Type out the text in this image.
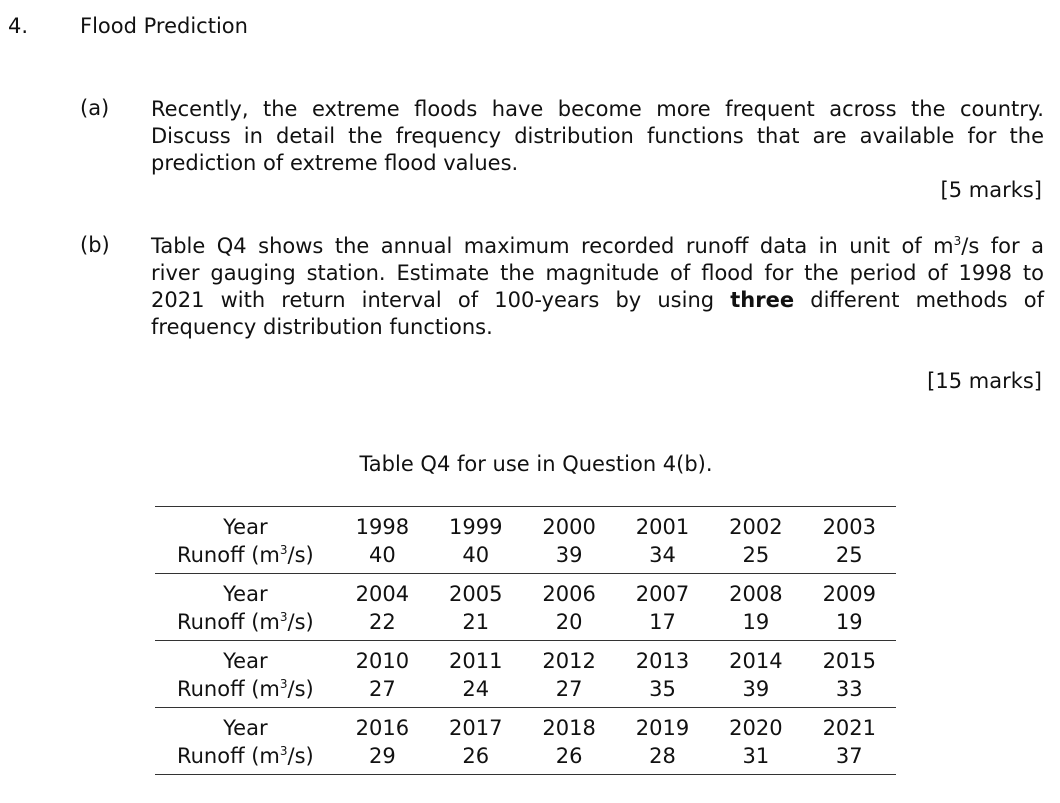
4. Flood Prediction
(a) Recently, the extreme floods have become more frequent across the country.
Discuss in detail the frequency distribution functions that are available for the
prediction of extreme flood values.
[5 marks]
(b) Table Q4 shows the annual maximum recorded runoff data in unit of $m^3/s$ for a
river gauging station. Estimate the magnitude of flood for the period of 1998 to
2021 with return interval of 100-years by using three different methods of
frequency distribution functions.
[15 marks]
Table Q4 for use in Question 4(b).
Year	1998	1999	2000	2001	2002	2003
Runoff $(m^3/s)$	40	40	39	34	25	25
Year	2004	2005	2006	2007	2008	2009
Runoff $(m^3/s)$	22	21	20	17	19	19
Year	2010	2011	2012	2013	2014	2015
Runoff $(m^3/s)$	27	24	27	35	39	33
Year	2016	2017	2018	2019	2020	2021
Runoff $(m^3/s)$	29	26	26	28	31	37
